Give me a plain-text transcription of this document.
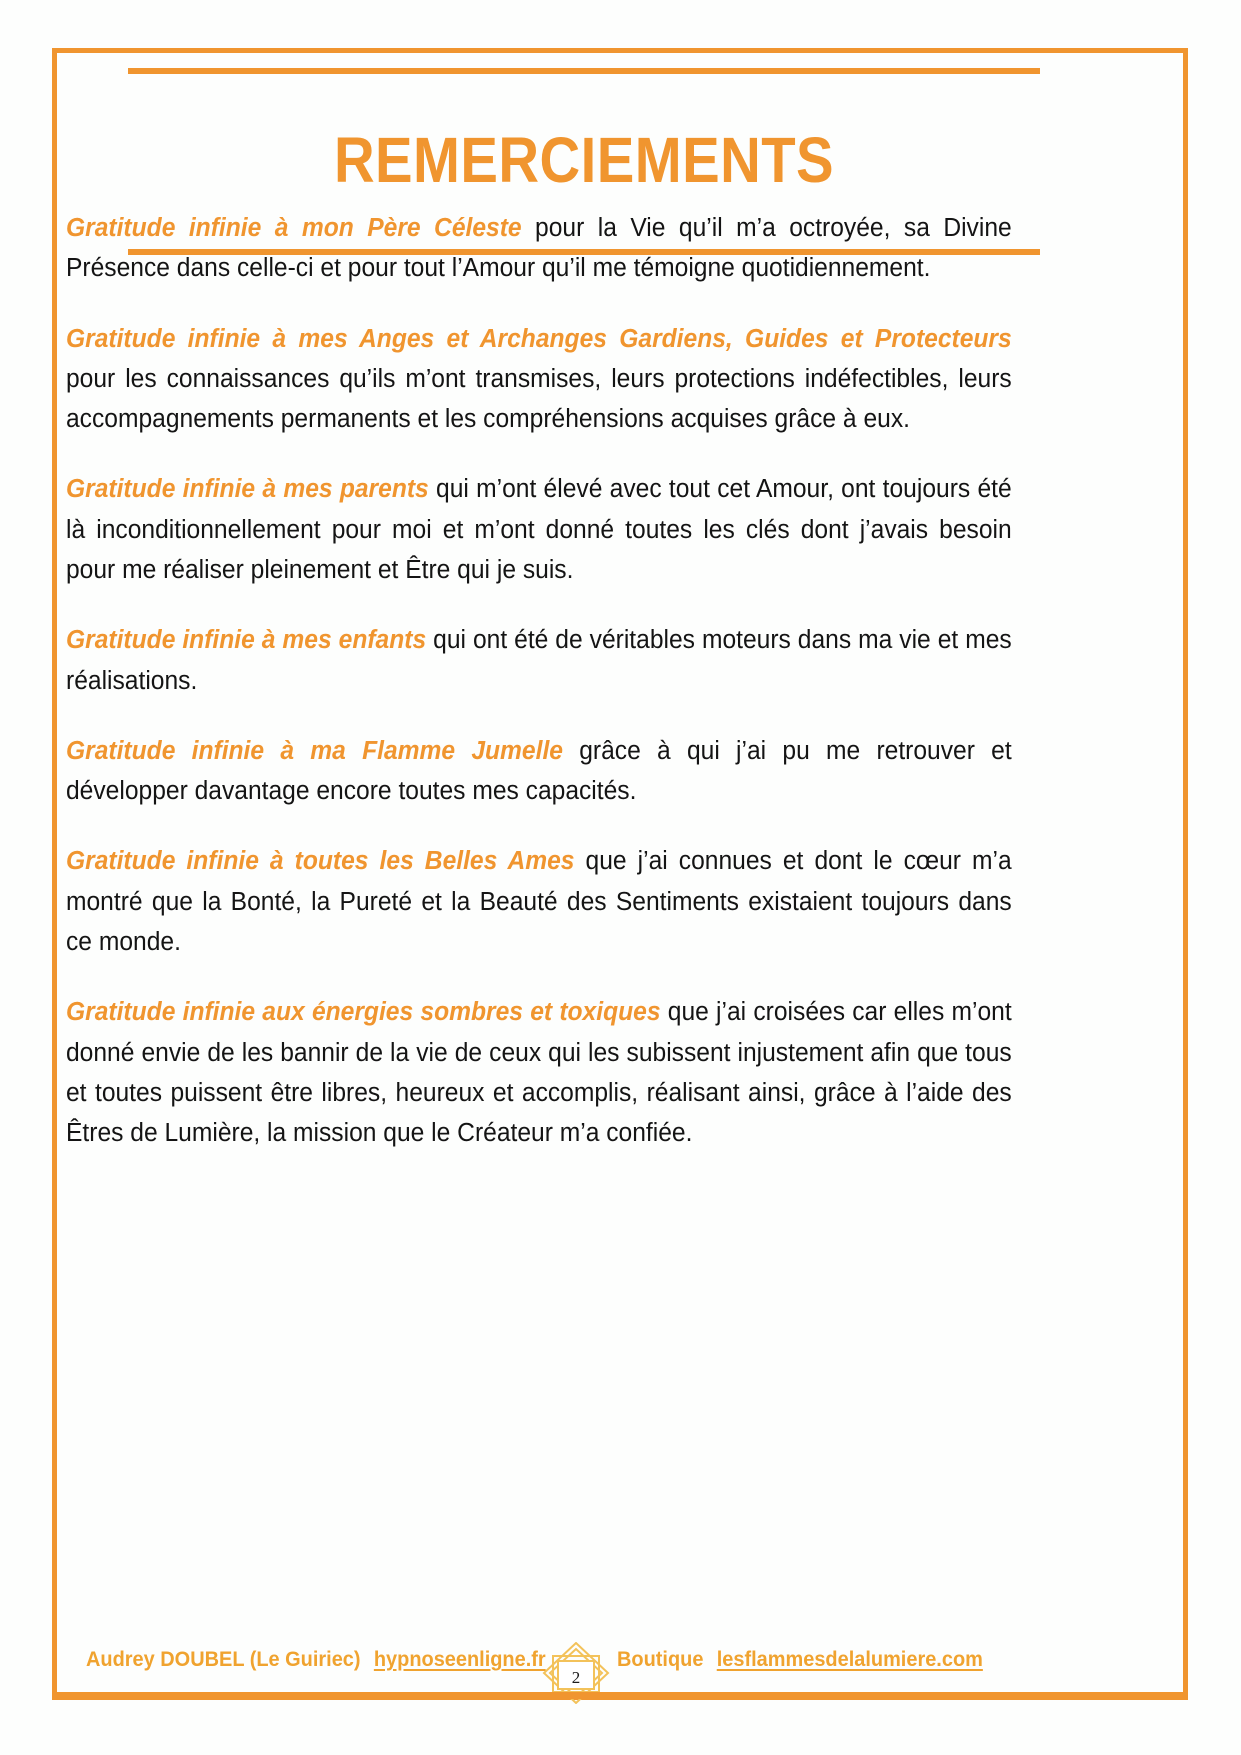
REMERCIEMENTS

Gratitude infinie à mon Père Céleste pour la Vie qu’il m’a octroyée, sa Divine Présence dans celle-ci et pour tout l’Amour qu’il me témoigne quotidiennement.

Gratitude infinie à mes Anges et Archanges Gardiens, Guides et Protecteurs pour les connaissances qu’ils m’ont transmises, leurs protections indéfectibles, leurs accompagnements permanents et les compréhensions acquises grâce à eux.

Gratitude infinie à mes parents qui m’ont élevé avec tout cet Amour, ont toujours été là inconditionnellement pour moi et m’ont donné toutes les clés dont j’avais besoin pour me réaliser pleinement et Être qui je suis.

Gratitude infinie à mes enfants qui ont été de véritables moteurs dans ma vie et mes réalisations.

Gratitude infinie à ma Flamme Jumelle grâce à qui j’ai pu me retrouver et développer davantage encore toutes mes capacités.

Gratitude infinie à toutes les Belles Ames que j’ai connues et dont le cœur m’a montré que la Bonté, la Pureté et la Beauté des Sentiments existaient toujours dans ce monde.

Gratitude infinie aux énergies sombres et toxiques que j’ai croisées car elles m’ont donné envie de les bannir de la vie de ceux qui les subissent injustement afin que tous et toutes puissent être libres, heureux et accomplis, réalisant ainsi, grâce à l’aide des Êtres de Lumière, la mission que le Créateur m’a confiée.

Audrey DOUBEL (Le Guiriec) hypnoseenligne.fr	Boutique lesflammesdelalumiere.com
2
